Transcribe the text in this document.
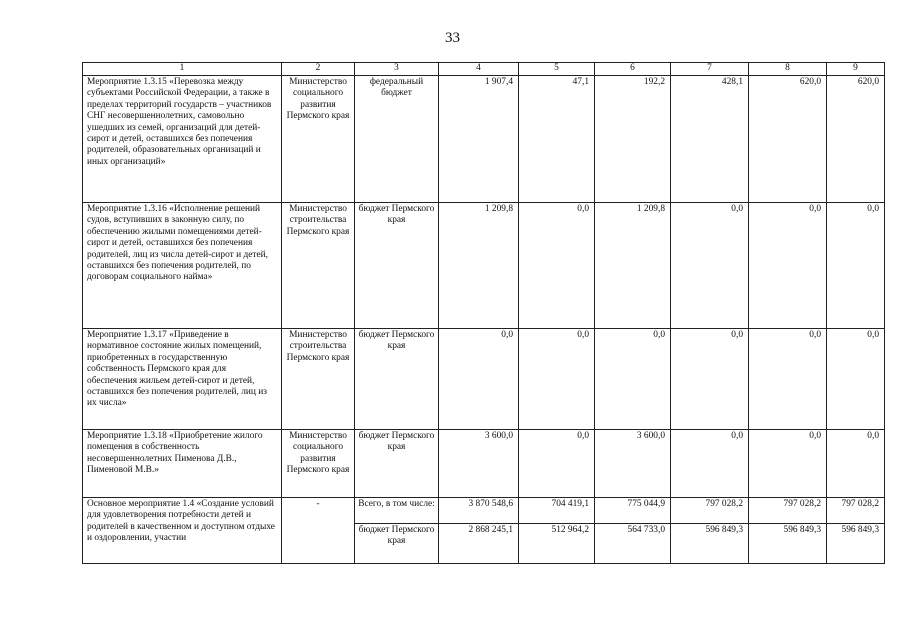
33
1	2	3	4	5	6	7	8	9
Мероприятие 1.3.15 «Перевозка между субъектами Российской Федерации, а также в пределах территорий государств – участников СНГ несовершеннолетних, самовольно ушедших из семей, организаций для детей-сирот и детей, оставшихся без попечения родителей, образовательных организаций и иных организаций»	Министерство социального развития Пермского края	федеральный бюджет	1 907,4	47,1	192,2	428,1	620,0	620,0
Мероприятие 1.3.16 «Исполнение решений судов, вступивших в законную силу, по обеспечению жилыми помещениями детей-сирот и детей, оставшихся без попечения родителей, лиц из числа детей-сирот и детей, оставшихся без попечения родителей, по договорам социального найма»	Министерство строительства Пермского края	бюджет Пермского края	1 209,8	0,0	1 209,8	0,0	0,0	0,0
Мероприятие 1.3.17 «Приведение в нормативное состояние жилых помещений, приобретенных в государственную собственность Пермского края для обеспечения жильем детей-сирот и детей, оставшихся без попечения родителей, лиц из их числа»	Министерство строительства Пермского края	бюджет Пермского края	0,0	0,0	0,0	0,0	0,0	0,0
Мероприятие 1.3.18 «Приобретение жилого помещения в собственность несовершеннолетних Пименова Д.В., Пименовой М.В.»	Министерство социального развития Пермского края	бюджет Пермского края	3 600,0	0,0	3 600,0	0,0	0,0	0,0
Основное мероприятие 1.4 «Создание условий для удовлетворения потребности детей и родителей в качественном и доступном отдыхе и оздоровлении, участии	-	Всего, в том числе:	3 870 548,6	704 419,1	775 044,9	797 028,2	797 028,2	797 028,2
		бюджет Пермского края	2 868 245,1	512 964,2	564 733,0	596 849,3	596 849,3	596 849,3
